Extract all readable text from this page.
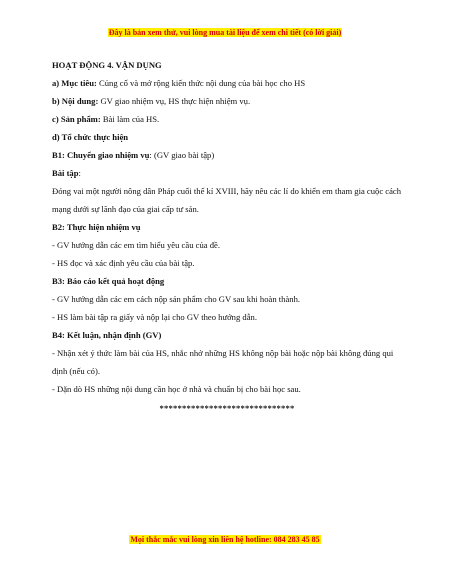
Đây là bản xem thử, vui lòng mua tài liệu để xem chi tiết (có lời giải)
HOẠT ĐỘNG 4. VẬN DỤNG
a) Mục tiêu: Củng cố và mở rộng kiến thức nội dung của bài học cho HS
b) Nội dung: GV giao nhiệm vụ, HS thực hiện nhiệm vụ.
c) Sản phẩm: Bài làm của HS.
d) Tổ chức thực hiện
B1: Chuyển giao nhiệm vụ: (GV giao bài tập)
Bài tập:
Đóng vai một người nông dân Pháp cuối thế kỉ XVIII, hãy nêu các lí do khiến em tham gia cuộc cách mạng dưới sự lãnh đạo của giai cấp tư sản.
B2: Thực hiện nhiệm vụ
- GV hướng dẫn các em tìm hiểu yêu cầu của đề.
- HS đọc và xác định yêu cầu của bài tập.
B3: Báo cáo kết quả hoạt động
- GV hướng dẫn các em cách nộp sản phẩm cho GV sau khi hoàn thành.
- HS làm bài tập ra giấy và nộp lại cho GV theo hướng dẫn.
B4: Kết luận, nhận định (GV)
- Nhận xét ý thức làm bài của HS, nhắc nhở những HS không nộp bài hoặc nộp bài không đúng qui định (nếu có).
- Dặn dò HS những nội dung cần học ở nhà và chuẩn bị cho bài học sau.
******************************
Mọi thắc mắc vui lòng xin liên hệ hotline: 084 283 45 85
